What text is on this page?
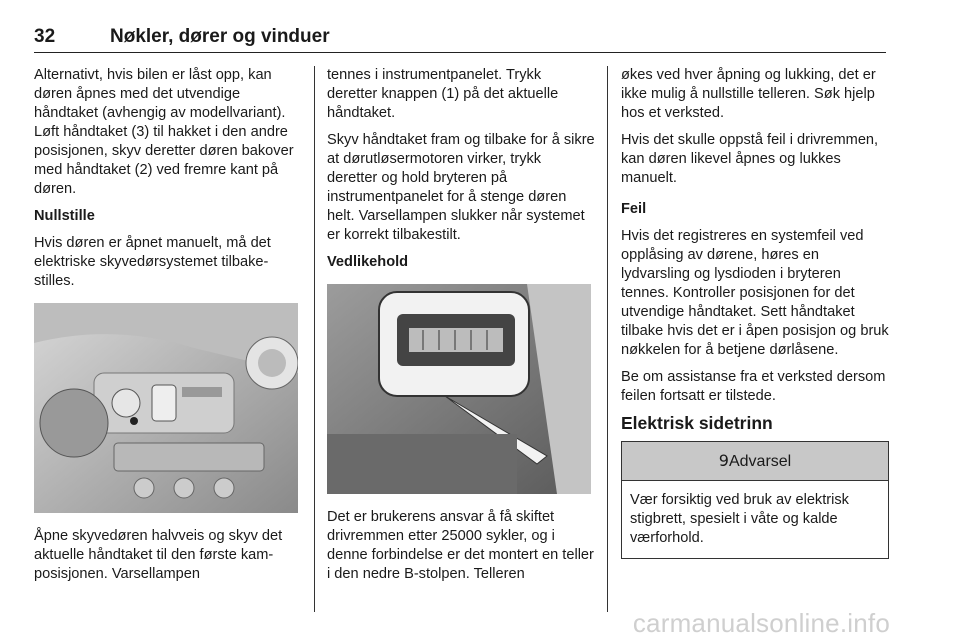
32	Nøkler, dører og vinduer

Alternativt, hvis bilen er låst opp, kan døren åpnes med det utvendige håndtaket (avhengig av modellvariant). Løft håndtaket (3) til hakket i den andre posisjonen, skyv deretter døren bakover med håndtaket (2) ved fremre kant på døren.

Nullstille

Hvis døren er åpnet manuelt, må det elektriske skyvedørsystemet tilbakestilles.

Åpne skyvedøren halvveis og skyv det aktuelle håndtaket til den første kam-posisjonen. Varsellampen

tennes i instrumentpanelet. Trykk deretter knappen (1) på det aktuelle håndtaket.

Skyv håndtaket fram og tilbake for å sikre at dørutløsermotoren virker, trykk deretter og hold bryteren på instrumentpanelet for å stenge døren helt. Varsellampen slukker når systemet er korrekt tilbakestilt.

Vedlikehold

Det er brukerens ansvar å få skiftet drivremmen etter 25000 sykler, og i denne forbindelse er det montert en teller i den nedre B-stolpen. Telleren

økes ved hver åpning og lukking, det er ikke mulig å nullstille telleren. Søk hjelp hos et verksted.

Hvis det skulle oppstå feil i drivremmen, kan døren likevel åpnes og lukkes manuelt.

Feil

Hvis det registreres en systemfeil ved opplåsing av dørene, høres en lydvarsling og lysdioden i bryteren tennes. Kontroller posisjonen for det utvendige håndtaket. Sett håndtaket tilbake hvis det er i åpen posisjon og bruk nøkkelen for å betjene dørlåsene.

Be om assistanse fra et verksted dersom feilen fortsatt er tilstede.

Elektrisk sidetrinn

9Advarsel
Vær forsiktig ved bruk av elektrisk stigbrett, spesielt i våte og kalde værforhold.
carmanualsonline.info
